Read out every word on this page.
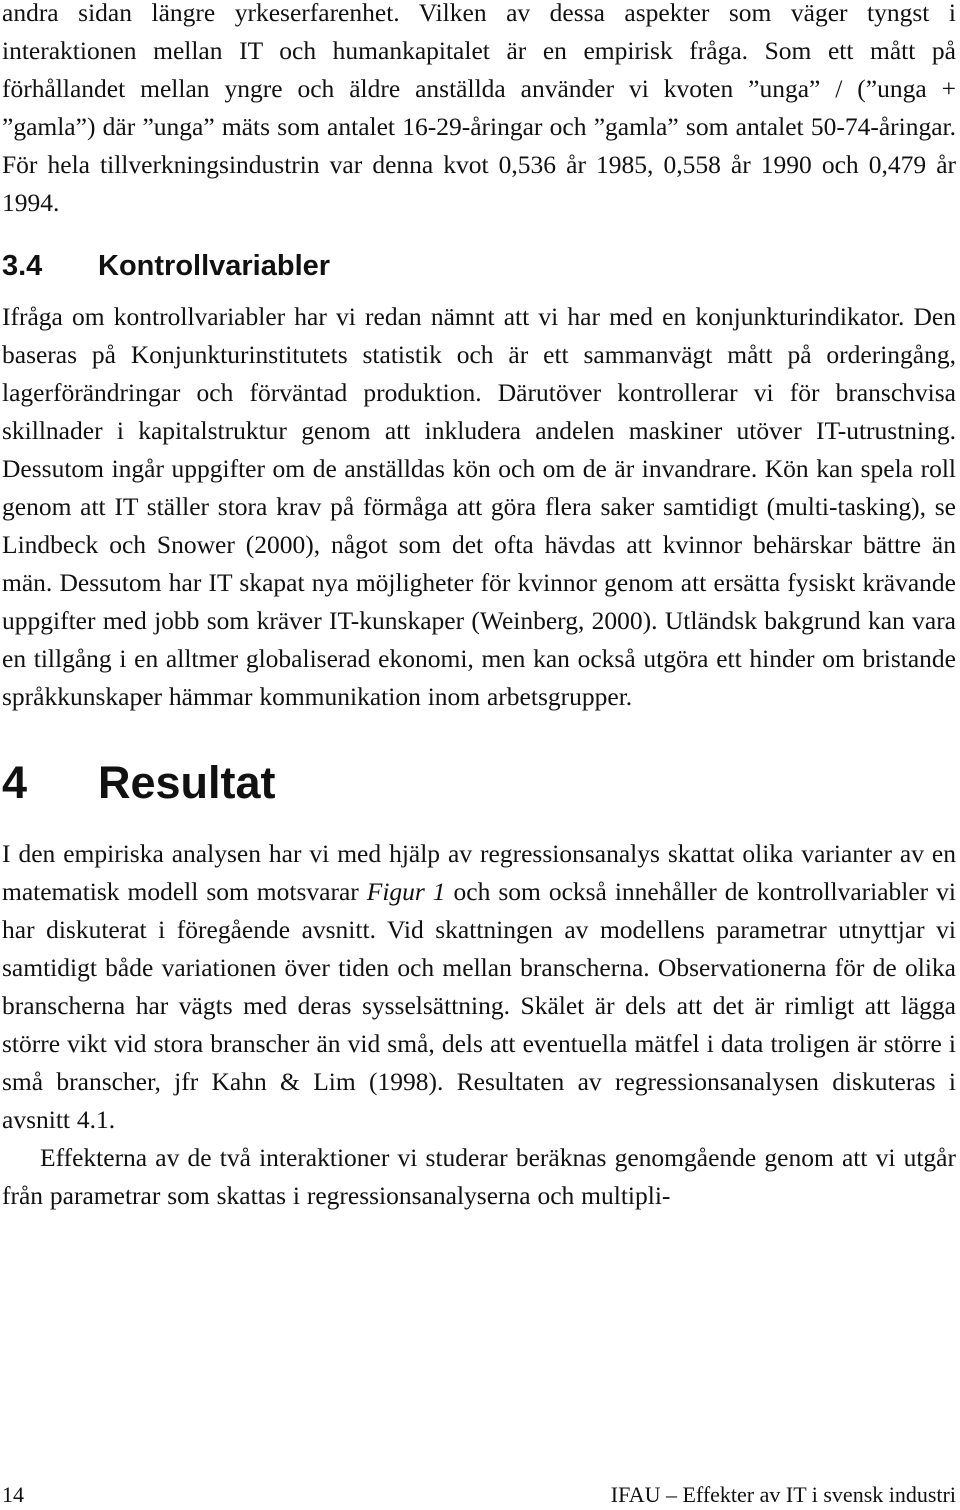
andra sidan längre yrkeserfarenhet. Vilken av dessa aspekter som väger tyngst i interaktionen mellan IT och humankapitalet är en empirisk fråga. Som ett mått på förhållandet mellan yngre och äldre anställda använder vi kvoten ”unga” / (”unga + ”gamla”) där ”unga” mäts som antalet 16-29-åringar och ”gamla” som antalet 50-74-åringar. För hela tillverkningsindustrin var denna kvot 0,536 år 1985, 0,558 år 1990 och 0,479 år 1994.

3.4 Kontrollvariabler

Ifråga om kontrollvariabler har vi redan nämnt att vi har med en konjunkturindikator. Den baseras på Konjunkturinstitutets statistik och är ett sammanvägt mått på orderingång, lagerförändringar och förväntad produktion. Därutöver kontrollerar vi för branschvisa skillnader i kapitalstruktur genom att inkludera andelen maskiner utöver IT-utrustning. Dessutom ingår uppgifter om de anställdas kön och om de är invandrare. Kön kan spela roll genom att IT ställer stora krav på förmåga att göra flera saker samtidigt (multi-tasking), se Lindbeck och Snower (2000), något som det ofta hävdas att kvinnor behärskar bättre än män. Dessutom har IT skapat nya möjligheter för kvinnor genom att ersätta fysiskt krävande uppgifter med jobb som kräver IT-kunskaper (Weinberg, 2000). Utländsk bakgrund kan vara en tillgång i en alltmer globaliserad ekonomi, men kan också utgöra ett hinder om bristande språkkunskaper hämmar kommunikation inom arbetsgrupper.

4 Resultat

I den empiriska analysen har vi med hjälp av regressionsanalys skattat olika varianter av en matematisk modell som motsvarar Figur 1 och som också innehåller de kontrollvariabler vi har diskuterat i föregående avsnitt. Vid skattningen av modellens parametrar utnyttjar vi samtidigt både variationen över tiden och mellan branscherna. Observationerna för de olika branscherna har vägts med deras sysselsättning. Skälet är dels att det är rimligt att lägga större vikt vid stora branscher än vid små, dels att eventuella mätfel i data troligen är större i små branscher, jfr Kahn & Lim (1998). Resultaten av regressionsanalysen diskuteras i avsnitt 4.1.

Effekterna av de två interaktioner vi studerar beräknas genomgående genom att vi utgår från parametrar som skattas i regressionsanalyserna och multipli-

14	IFAU – Effekter av IT i svensk industri
